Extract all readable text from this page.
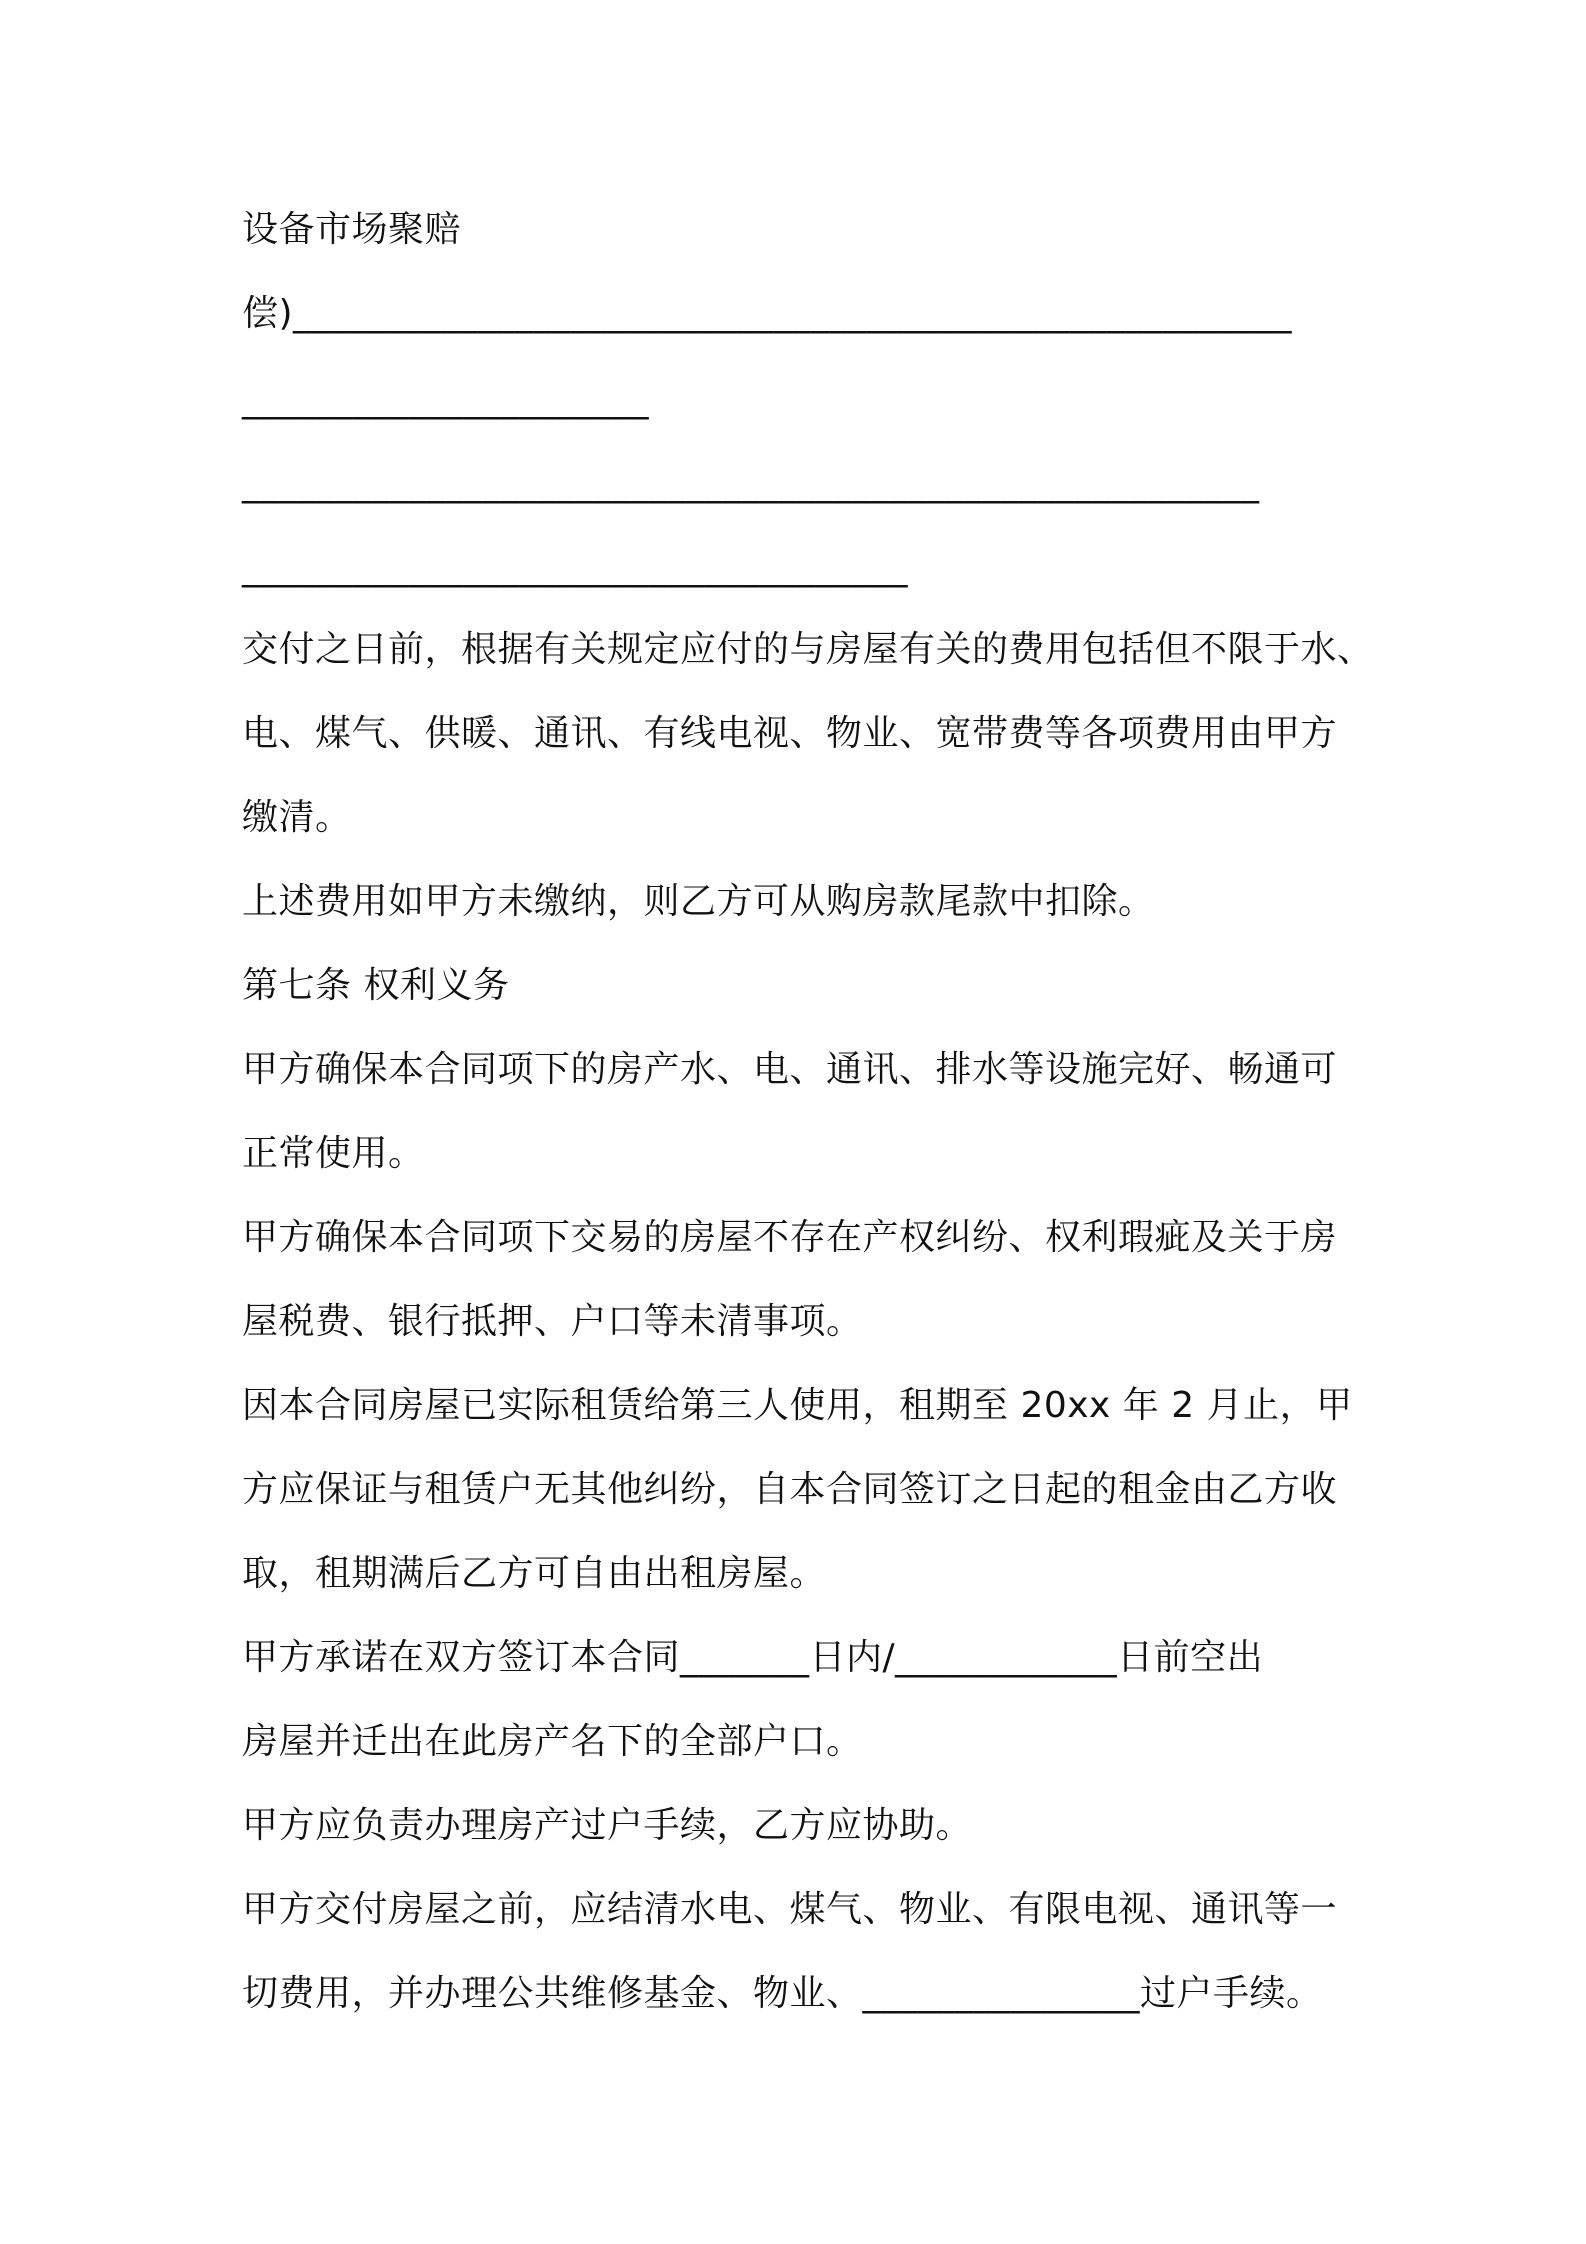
设备市场聚赔
偿)______________________________________________________
______________________
_______________________________________________________
____________________________________
交付之日前，根据有关规定应付的与房屋有关的费用包括但不限于水、
电、煤气、供暖、通讯、有线电视、物业、宽带费等各项费用由甲方
缴清。
上述费用如甲方未缴纳，则乙方可从购房款尾款中扣除。
第七条 权利义务
甲方确保本合同项下的房产水、电、通讯、排水等设施完好、畅通可
正常使用。
甲方确保本合同项下交易的房屋不存在产权纠纷、权利瑕疵及关于房
屋税费、银行抵押、户口等未清事项。
因本合同房屋已实际租赁给第三人使用，租期至 20xx 年 2 月止，甲
方应保证与租赁户无其他纠纷，自本合同签订之日起的租金由乙方收
取，租期满后乙方可自由出租房屋。
甲方承诺在双方签订本合同_______日内/____________日前空出
房屋并迁出在此房产名下的全部户口。
甲方应负责办理房产过户手续，乙方应协助。
甲方交付房屋之前，应结清水电、煤气、物业、有限电视、通讯等一
切费用，并办理公共维修基金、物业、_______________过户手续。
